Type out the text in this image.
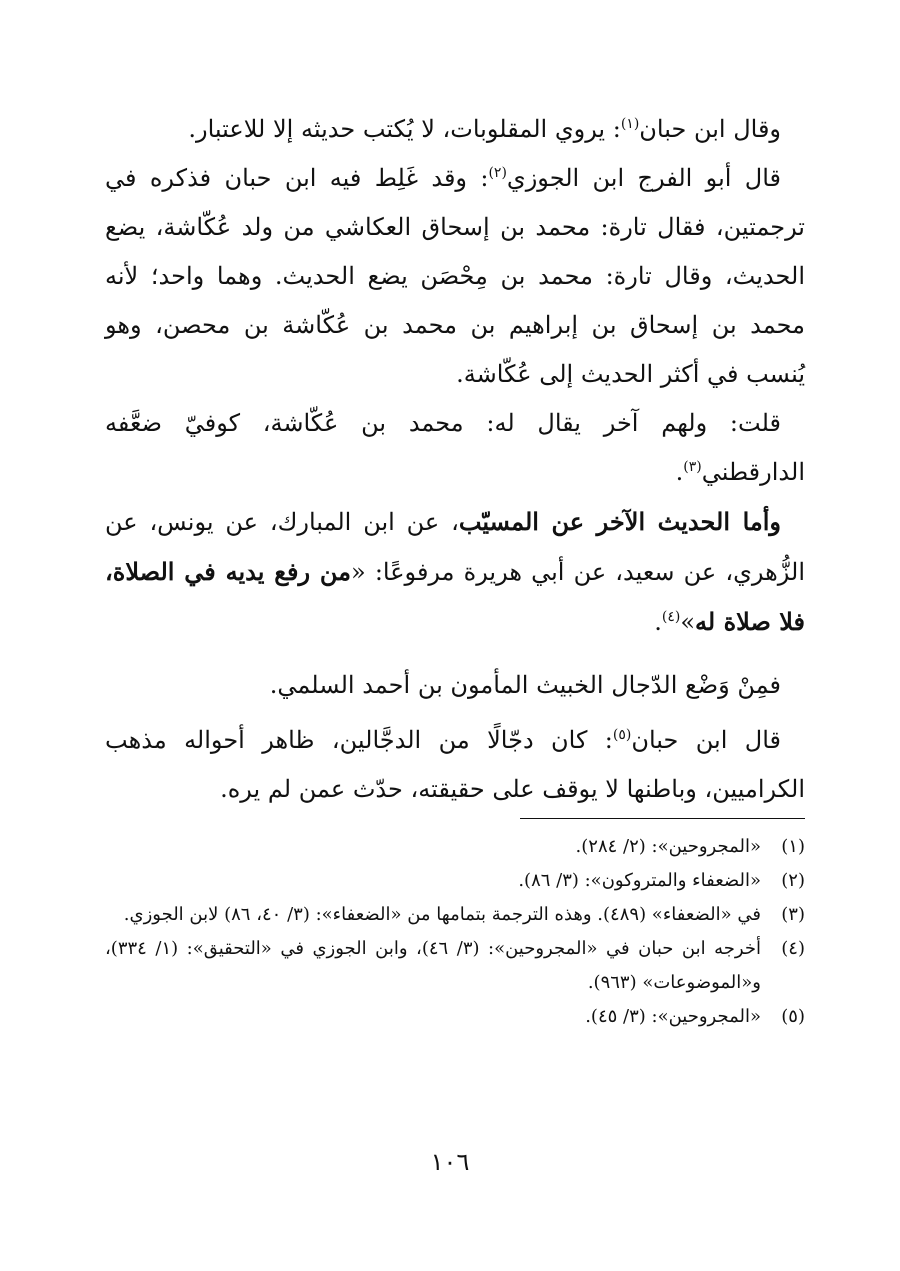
وقال ابن حبان$^{(١)}$: يروي المقلوبات، لا يُكتب حديثه إلا للاعتبار.

قال أبو الفرج ابن الجوزي$^{(٢)}$: وقد غَلِط فيه ابن حبان فذكره في ترجمتين، فقال تارة: محمد بن إسحاق العكاشي من ولد عُكّاشة، يضع الحديث، وقال تارة: محمد بن مِحْصَن يضع الحديث. وهما واحد؛ لأنه محمد بن إسحاق بن إبراهيم بن محمد بن عُكّاشة بن محصن، وهو يُنسب في أكثر الحديث إلى عُكّاشة.

قلت: ولهم آخر يقال له: محمد بن عُكّاشة، كوفيّ ضعَّفه الدارقطني$^{(٣)}$.

وأما الحديث الآخر عن المسيّب، عن ابن المبارك، عن يونس، عن الزُّهري، عن سعيد، عن أبي هريرة مرفوعًا: «من رفع يديه في الصلاة، فلا صلاة له»$^{(٤)}$.

فمِنْ وَضْع الدّجال الخبيث المأمون بن أحمد السلمي.

قال ابن حبان$^{(٥)}$: كان دجّالًا من الدجَّالين، ظاهر أحواله مذهب الكراميين، وباطنها لا يوقف على حقيقته، حدّث عمن لم يره.

(١)
«المجروحين»: (٢/ ٢٨٤).
(٢)
«الضعفاء والمتروكون»: (٣/ ٨٦).
(٣)
في «الضعفاء» (٤٨٩). وهذه الترجمة بتمامها من «الضعفاء»: (٣/ ٤٠، ٨٦) لابن الجوزي.
(٤)
أخرجه ابن حبان في «المجروحين»: (٣/ ٤٦)، وابن الجوزي في «التحقيق»: (١/ ٣٣٤)، و«الموضوعات» (٩٦٣).
(٥)
«المجروحين»: (٣/ ٤٥).
١٠٦
